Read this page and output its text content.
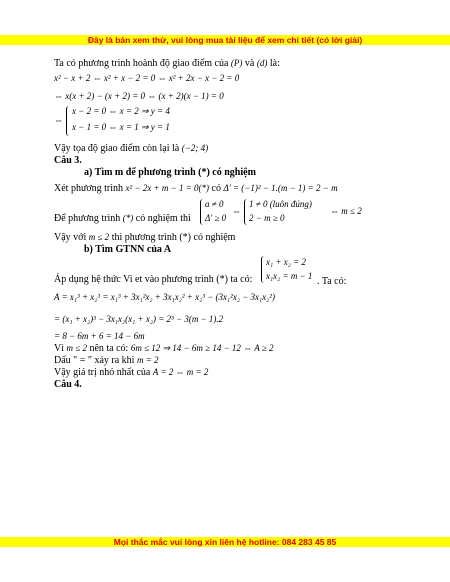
Đây là bản xem thử, vui lòng mua tài liệu để xem chi tiết (có lời giải)
Ta có phương trình hoành độ giao điểm của (P) và (d) là:
x² − x + 2 ⇔ x² + x − 2 = 0 ⇔ x² + 2x − x − 2 = 0
⇔ x(x + 2) − (x + 2) = 0 ⇔ (x + 2)(x − 1) = 0
⇔
x − 2 = 0 ⇔ x = 2 ⇒ y = 4
x − 1 = 0 ⇔ x = 1 ⇒ y = 1
Vậy tọa độ giao điểm còn lại là (−2; 4)
Câu 3.
a) Tìm m để phương trình (*) có nghiệm
Xét phương trình x² − 2x + m − 1 = 0(*) có Δ' = (−1)² − 1.(m − 1) = 2 − m
Để phương trình (*) có nghiệm thì
a ≠ 0
Δ' ≥ 0
⇔
1 ≠ 0 (luôn đúng)
2 − m ≥ 0
⇔ m ≤ 2
Vậy với m ≤ 2 thì phương trình (*) có nghiệm
b) Tìm GTNN của A
Áp dụng hệ thức Vi et vào phương trình (*) ta có:
x₁ + x₂ = 2
x₁x₂ = m − 1 . Ta có:
A = x₁³ + x₂³ = x₁³ + 3x₁²x₂ + 3x₁x₂² + x₂³ − (3x₁²x₂ − 3x₁x₂²)
= (x₁ + x₂)³ − 3x₁x₂(x₁ + x₂) = 2³ − 3(m − 1).2
= 8 − 6m + 6 = 14 − 6m
Vì m ≤ 2 nên ta có: 6m ≤ 12 ⇒ 14 − 6m ≥ 14 − 12 ⇔ A ≥ 2
Dấu " = " xảy ra khi m = 2
Vậy giá trị nhỏ nhất của A = 2 ⇔ m = 2
Câu 4.
Mọi thắc mắc vui lòng xin liên hệ hotline: 084 283 45 85
